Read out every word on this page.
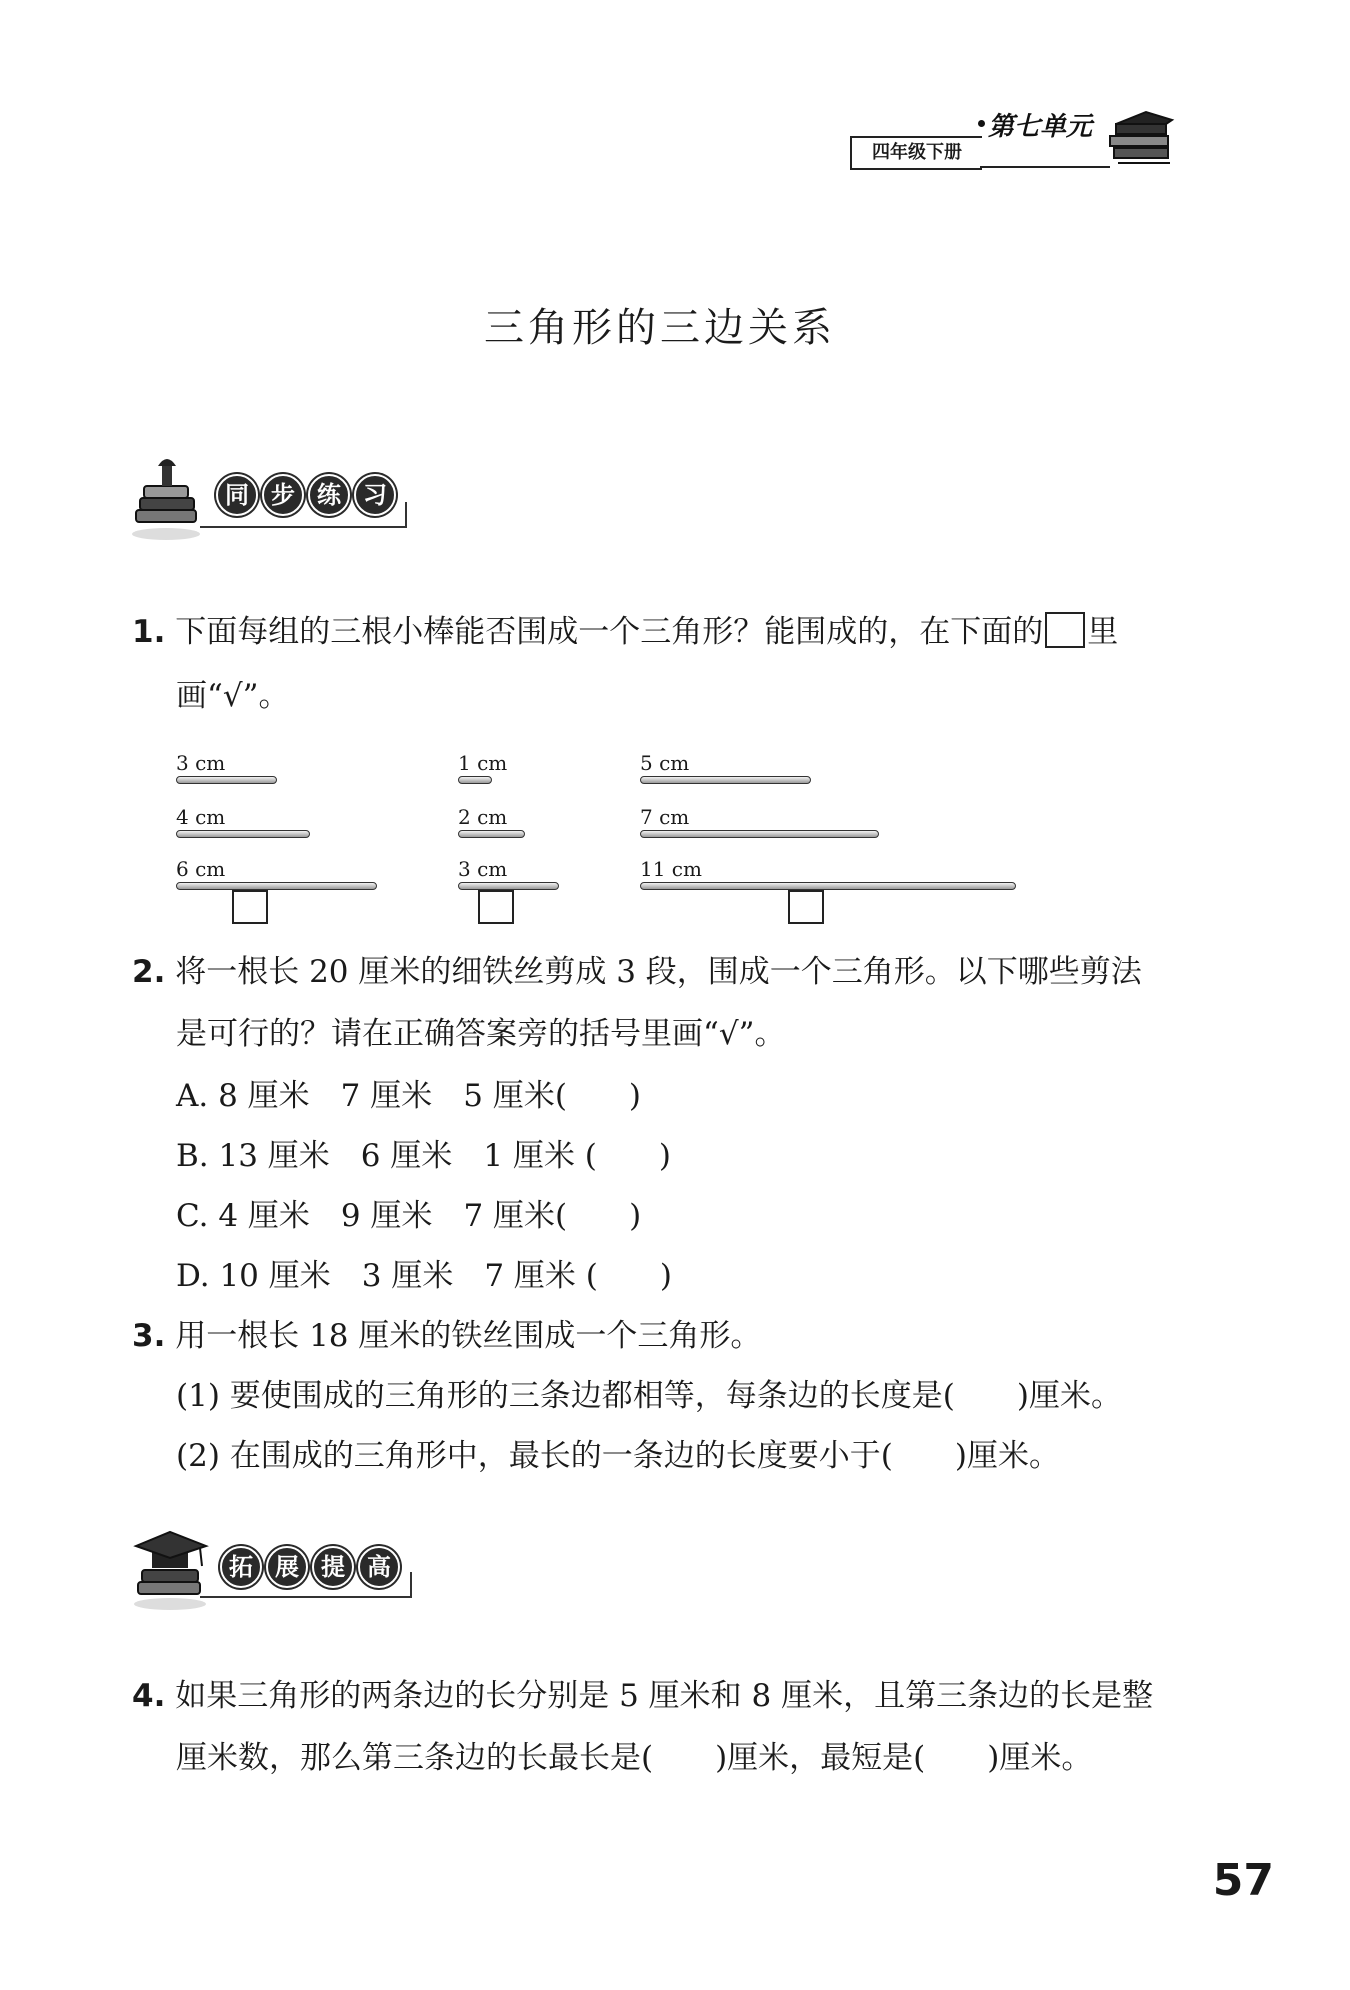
四年级下册
第七单元
三角形的三边关系
同 步 练 习
1. 下面每组的三根小棒能否围成一个三角形？能围成的，在下面的 里
画“√”。
3 cm
4 cm
6 cm
1 cm
2 cm
3 cm
5 cm
7 cm
11 cm
2. 将一根长 20 厘米的细铁丝剪成 3 段，围成一个三角形。以下哪些剪法
是可行的？请在正确答案旁的括号里画“√”。
A. 8 厘米　7 厘米　5 厘米(　　)
B. 13 厘米　6 厘米　1 厘米 (　　)
C. 4 厘米　9 厘米　7 厘米(　　)
D. 10 厘米　3 厘米　7 厘米 (　　)
3. 用一根长 18 厘米的铁丝围成一个三角形。
(1) 要使围成的三角形的三条边都相等，每条边的长度是(　　)厘米。
(2) 在围成的三角形中，最长的一条边的长度要小于(　　)厘米。
拓 展 提 高
4. 如果三角形的两条边的长分别是 5 厘米和 8 厘米，且第三条边的长是整
厘米数，那么第三条边的长最长是(　　)厘米，最短是(　　)厘米。
57
